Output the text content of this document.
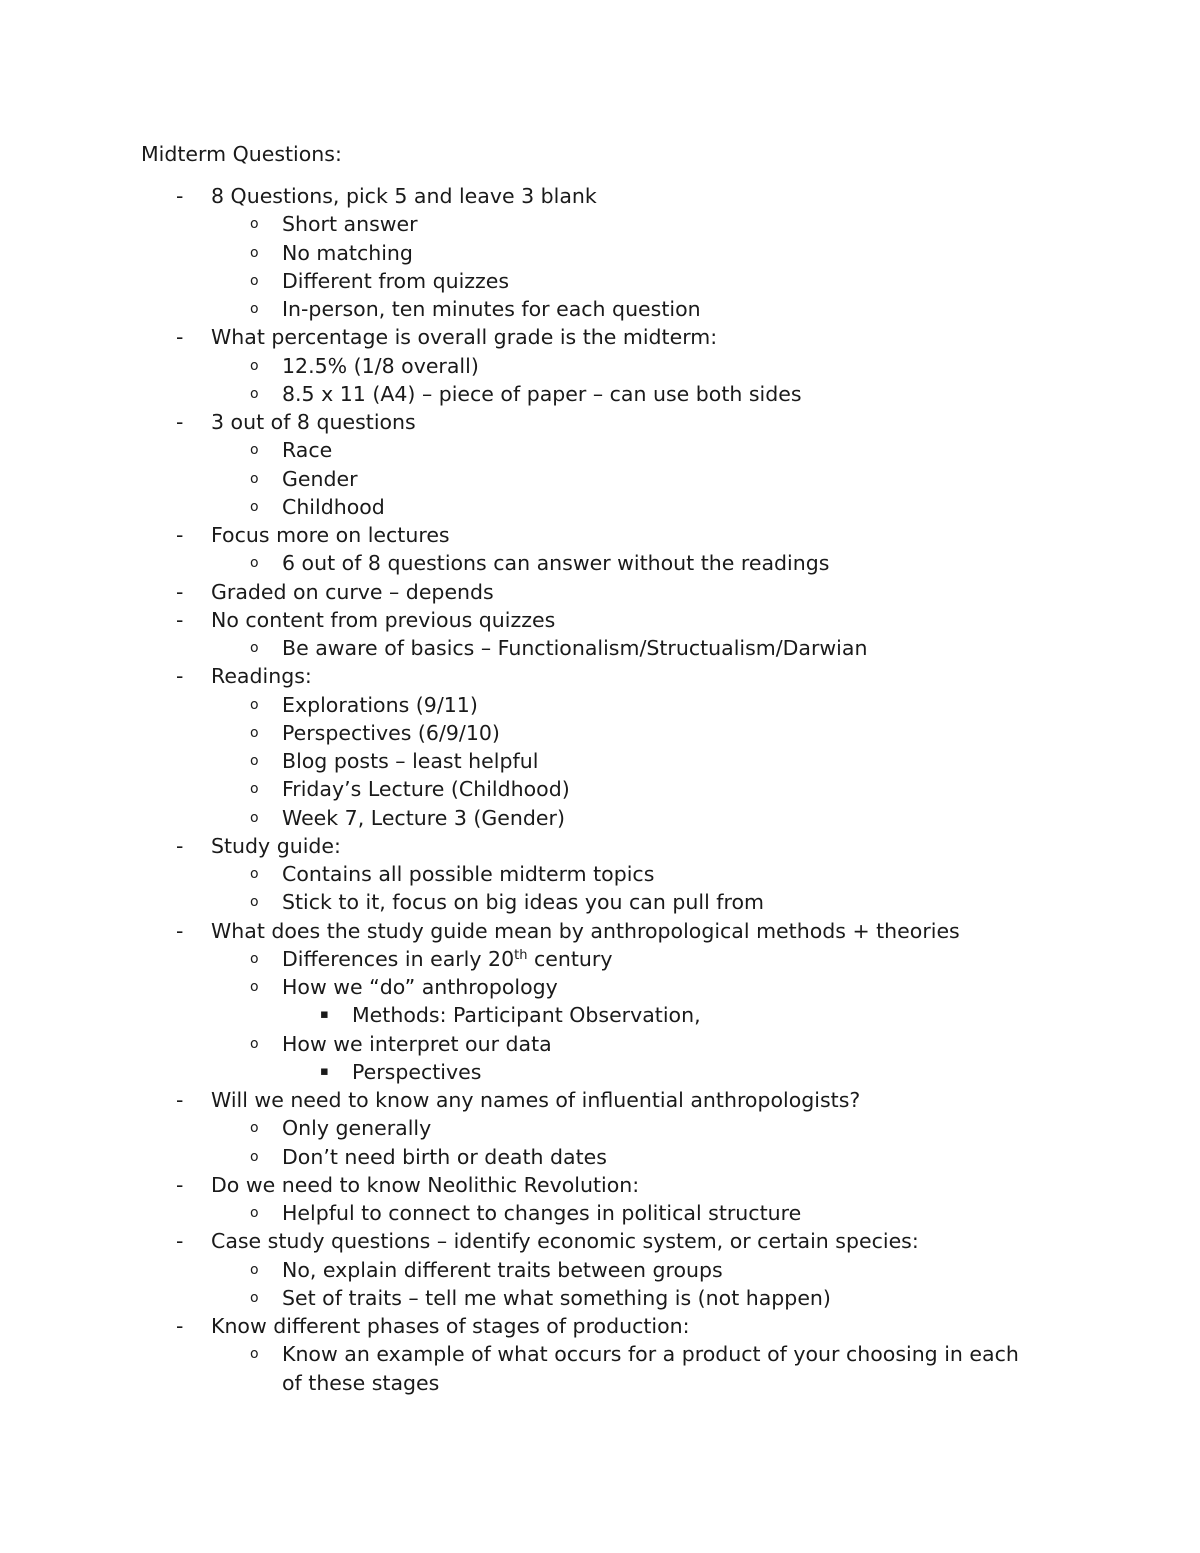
Midterm Questions:
- 8 Questions, pick 5 and leave 3 blank
o Short answer
o No matching
o Different from quizzes
o In-person, ten minutes for each question
- What percentage is overall grade is the midterm:
o 12.5% (1/8 overall)
o 8.5 x 11 (A4) – piece of paper – can use both sides
- 3 out of 8 questions
o Race
o Gender
o Childhood
- Focus more on lectures
o 6 out of 8 questions can answer without the readings
- Graded on curve – depends
- No content from previous quizzes
o Be aware of basics – Functionalism/Structualism/Darwian
- Readings:
o Explorations (9/11)
o Perspectives (6/9/10)
o Blog posts – least helpful
o Friday’s Lecture (Childhood)
o Week 7, Lecture 3 (Gender)
- Study guide:
o Contains all possible midterm topics
o Stick to it, focus on big ideas you can pull from
- What does the study guide mean by anthropological methods + theories
o Differences in early 20th century
o How we “do” anthropology
▪ Methods: Participant Observation,
o How we interpret our data
▪ Perspectives
- Will we need to know any names of influential anthropologists?
o Only generally
o Don’t need birth or death dates
- Do we need to know Neolithic Revolution:
o Helpful to connect to changes in political structure
- Case study questions – identify economic system, or certain species:
o No, explain different traits between groups
o Set of traits – tell me what something is (not happen)
- Know different phases of stages of production:
o Know an example of what occurs for a product of your choosing in each
of these stages
